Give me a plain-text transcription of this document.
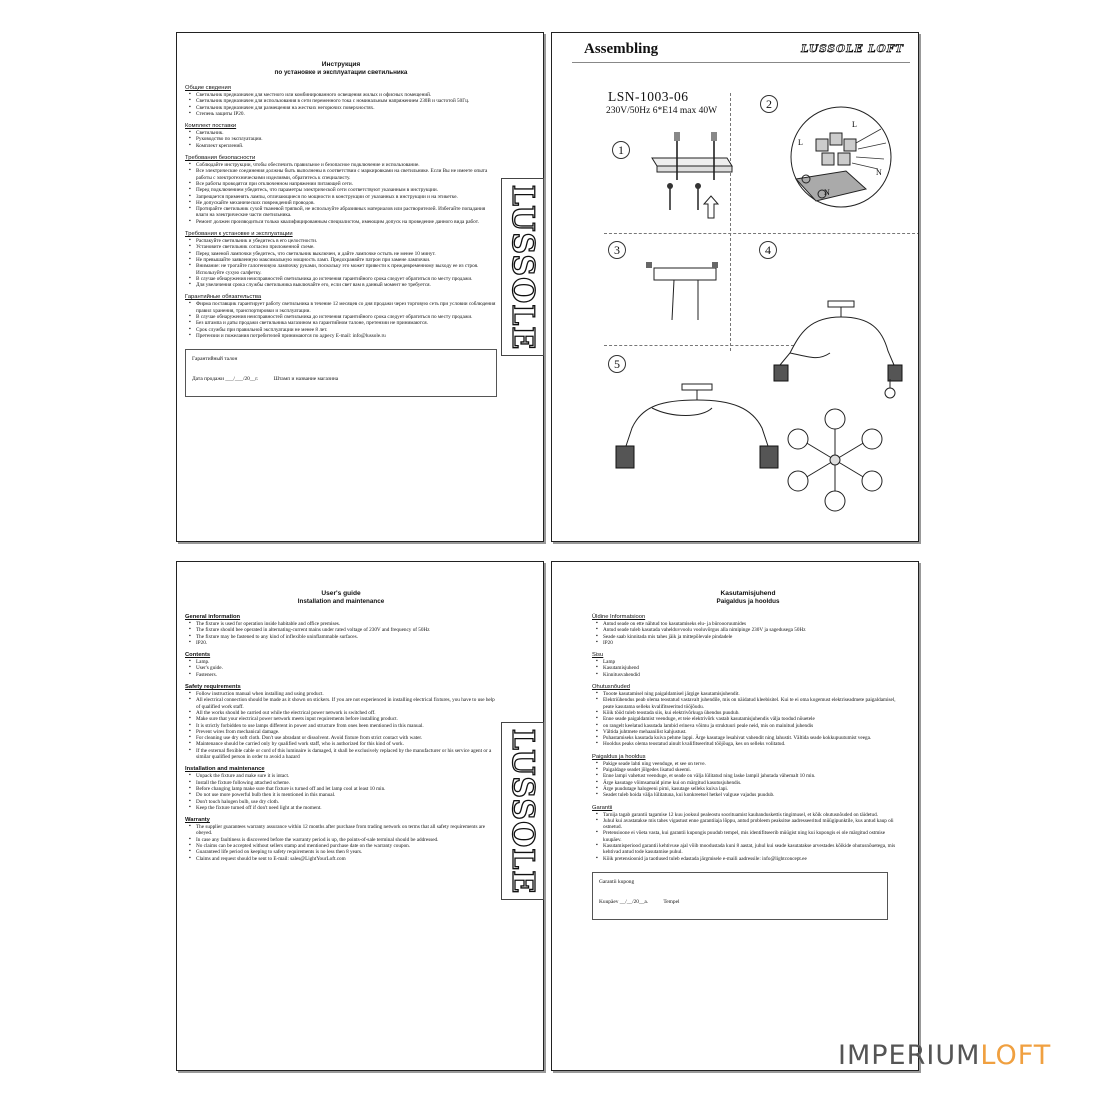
Инструкция
по установке и эксплуатации светильника
Общие сведения
▪ Светильник предназначен для местного или комбинированного освещения жилых и офисных помещений.
▪ Светильник предназначен для использования в сети переменного тока с номинальным напряжением 230В и частотой 50Гц.
▪ Светильник предназначен для размещения на жестких негорючих поверхностях.
▪ Степень защиты IP20.
Комплект поставки
▪ Светильник.
▪ Руководство по эксплуатации.
▪ Комплект креплений.
Требования безопасности
▪ Соблюдайте инструкции, чтобы обеспечить правильное и безопасное подключение и использование.
▪ Все электрические соединения должны быть выполнены в соответствии с маркировками на светильнике. Если Вы не имеете опыта работы с электротехническими изделиями, обратитесь к специалисту.
▪ Все работы проводятся при отключенном напряжении питающей сети.
▪ Перед подключением убедитесь, что параметры электрической сети соответствуют указанным в инструкции.
▪ Запрещается применять лампы, отличающиеся по мощности в конструкции от указанных в инструкции и на этикетке.
▪ Не допускайте механических повреждений проводов.
▪ Протирайте светильник сухой тканевой тряпкой, не используйте абразивных материалов или растворителей. Избегайте попадания влаги на электрические части светильника.
▪ Ремонт должен производиться только квалифицированным специалистом, имеющим допуск на проведение данного вида работ.
Требования к установке и эксплуатации
▪ Распакуйте светильник и убедитесь в его целостности.
▪ Установите светильник согласно приложенной схеме.
▪ Перед заменой лампочки убедитесь, что светильник выключен, и дайте лампочке остыть не менее 10 минут.
▪ Не превышайте заявленную максимальную мощность ламп. Предохраняйте патрон при замене лампочки.
▪ Внимание: не трогайте галогеновую лампочку руками, поскольку это может привести к преждевременному выходу ее из строя. Используйте сухую салфетку.
▪ В случае обнаружения неисправностей светильника до истечения гарантийного срока следует обратиться по месту продажи.
▪ Для увеличения срока службы светильника выключайте его, если свет вам в данный момент не требуется.
Гарантийные обязательства
▪ Фирма поставщик гарантирует работу светильника в течение 12 месяцев со дня продажи через торговую сеть при условии соблюдения правил хранения, транспортировки и эксплуатации.
▪ В случае обнаружения неисправностей светильника до истечения гарантийного срока следует обратиться по месту продажи.
▪ Без штампа и даты продажи светильника магазином на гарантийном талоне, претензии не принимаются.
▪ Срок службы при правильной эксплуатации не менее 8 лет.
▪ Претензии и пожелания потребителей принимаются по адресу E-mail: info@lussole.ru
Гарантийный талон
Дата продажи ___/___/20__г.	Штамп и название магазина
LUSSOLE
Assembling	LUSSOLE LOFT
LSN-1003-06
230V/50Hz 6*E14 max 40W
1
2
3	4
5
L
N
L
N
User's guide
Installation and maintenance
General information
▪ The fixture is used for operation inside habitable and office premises.
▪ The fixture should bee operated in alternating-current mains under rated voltage of 230V and frequency of 50Hz
▪ The fixture may be fastened to any kind of inflexible uninflammable surfaces.
▪ IP20.
Contents
▪ Lamp.
▪ User's guide.
▪ Fasteners.
Safety requirements
▪ Follow instruction manual when installing and using product.
▪ All electrical connection should be made as it shown on stickers. If you are not experienced in installing electrical fixtures, you have to use help of qualified work staff.
▪ All the works should be carried out while the electrical power network is switched off.
▪ Make sure that your electrical power network meets input requirements before installing product.
▪ It is strictly forbidden to use lamps different in power and structure from ones been mentioned in this manual.
▪ Prevent wires from mechanical damage.
▪ For cleaning use dry soft cloth. Don't use abradant or dissolvent. Avoid fixture from strict contact with water.
▪ Maintenance should be carried only by qualified work staff, who is authorized for this kind of work.
▪ If the external flexible cable or cord of this luminaire is damaged, it shall be exclusively replaced by the manufacturer or his service agent or a similar qualified person in order to avoid a hazard
Installation and maintenance
▪ Unpack the fixture and make sure it is intact.
▪ Install the fixture following attached scheme.
▪ Before changing lamp make sure that fixture is turned off and let lamp cool at least 10 min.
▪ Do not use more powerful bulb then it is mentioned in this manual.
▪ Don't touch halogen bulb, use dry cloth.
▪ Keep the fixture turned off if don't need light at the moment.
Warranty
▪ The supplier guarantees warranty assurance within 12 months after purchase from trading network on terms that all safety requirements are obeyed.
▪ In case any faultiness is discovered before the warranty period is up, the points-of-sale terminal should be addressed.
▪ No claims can be accepted without sellers stamp and mentioned purchase date on the warranty coupon.
▪ Guaranteed life period on keeping to safety requirements is no less then 8 years.
▪ Claims and request should be sent to E-mail: sales@LightYourLoft.com	LUSSOLE
Kasutamisjuhend
Paigaldus ja hooldus
Üldine Informatsioon
▪ Antud seade on ette nähtud too kasutamiseks elu- ja büroooruumides
▪ Antud seade tuleb kasutada vahelduvvoolu vooluvõrgus alla nimipinge 230V ja sagedusega 50Hz
▪ Seade saab kinnitada mis tahes jäik ja mittepõlevale pindadele
▪ IP20
Sisu
▪ Lamp
▪ Kasutamisjuhend
▪ Kinnitusvahendid
Ohutusnõuded
▪ Tooote kasutamisel ning paigaldamisel järgige kasutamisjuhendit.
▪ Elektriühendus peab olema teostatud vastavalt juhendile, mis on näidatud kleebisitel. Kui te ei oma kogemust elektriseadmete paigaldamisel, peate kasutama selleks kvalifitseeritud tööjõudu.
▪ Kõik tööd tuleb teostada siis, kui elektrivõrkuga ühendus puudub.
▪ Enne seade paigaldamist veenduge, et teie elektrivõrk vastab kasutamisjuhendis välja toodud nõuetele
▪ on rangelt keelatud kasutada lambid erineva võimu ja struktuuri peale neid, mis on mainitud juhendis
▪ Vältida juhtmete mehaanilist kahjustust.
▪ Puhastamiseks kasutada kuiva pehme lappi. Ärge kasutage lesahivat vahendit ning lahustit. Vältida seade kokkupuutumist veega.
▪ Hooldus peaks olema teostatud ainult kvalifitseeritud tööjõuga, kes on selleks volitatud.
Paigaldus ja hooldus
▪ Pakige seade lahti ning veenduge, et see on terve.
▪ Paigaldage seadet jõlgedes lisatud skeemi.
▪ Enne lampi vahetust veenduge, et seade on välja lülitatud ning laske lampil jahutada vähemalt 10 min.
▪ Ärge kasutage võimsamaid pirne kui on märgitud kasutusjuhendis.
▪ Ärge puudutage halogeeni pirni, kasutage selleks kuiva lapi.
▪ Seadet tuleb hoida välja lülitatuna, kui konkreetsel hetkel valguse vajadus puudub.
Garantii
▪ Tarnija tagab garantii tagamise 12 kuu jooksul pealeostu soorituamist kaubanduskettis tingimusel, et kõik ohutusnõuded on täidetud.
▪ Juhul kui avastatakse mis tahes vigastust enne garantiiaja lõppu, antud probleem peaksitse aadresseeritud müügipunktile, kus antud kaup oli ostnetud.
▪ Pretensioone ei võeta vasta, kui garantii kupongis puudub tempel, mis identifitseerib müügist ning kui kupongis ei ole märgitud ostmise kuupäev.
▪ Kasutamisperiood garantii kehtivuse ajal võib moodustada kuni 8 aastat, juhul kui seade kasutatakse arvestades kõikide ohutusnõuetega, mis kehtivad antud tode kasutamise puhul.
▪ Kõik pretensioonid ja taotlused tuleb edastada järgmisele e-maili aadressile: info@lightconcept.ee
Garantii kupong
Kuupäev __/__/20__a.	Tempel
IMPERIUMLOFT
